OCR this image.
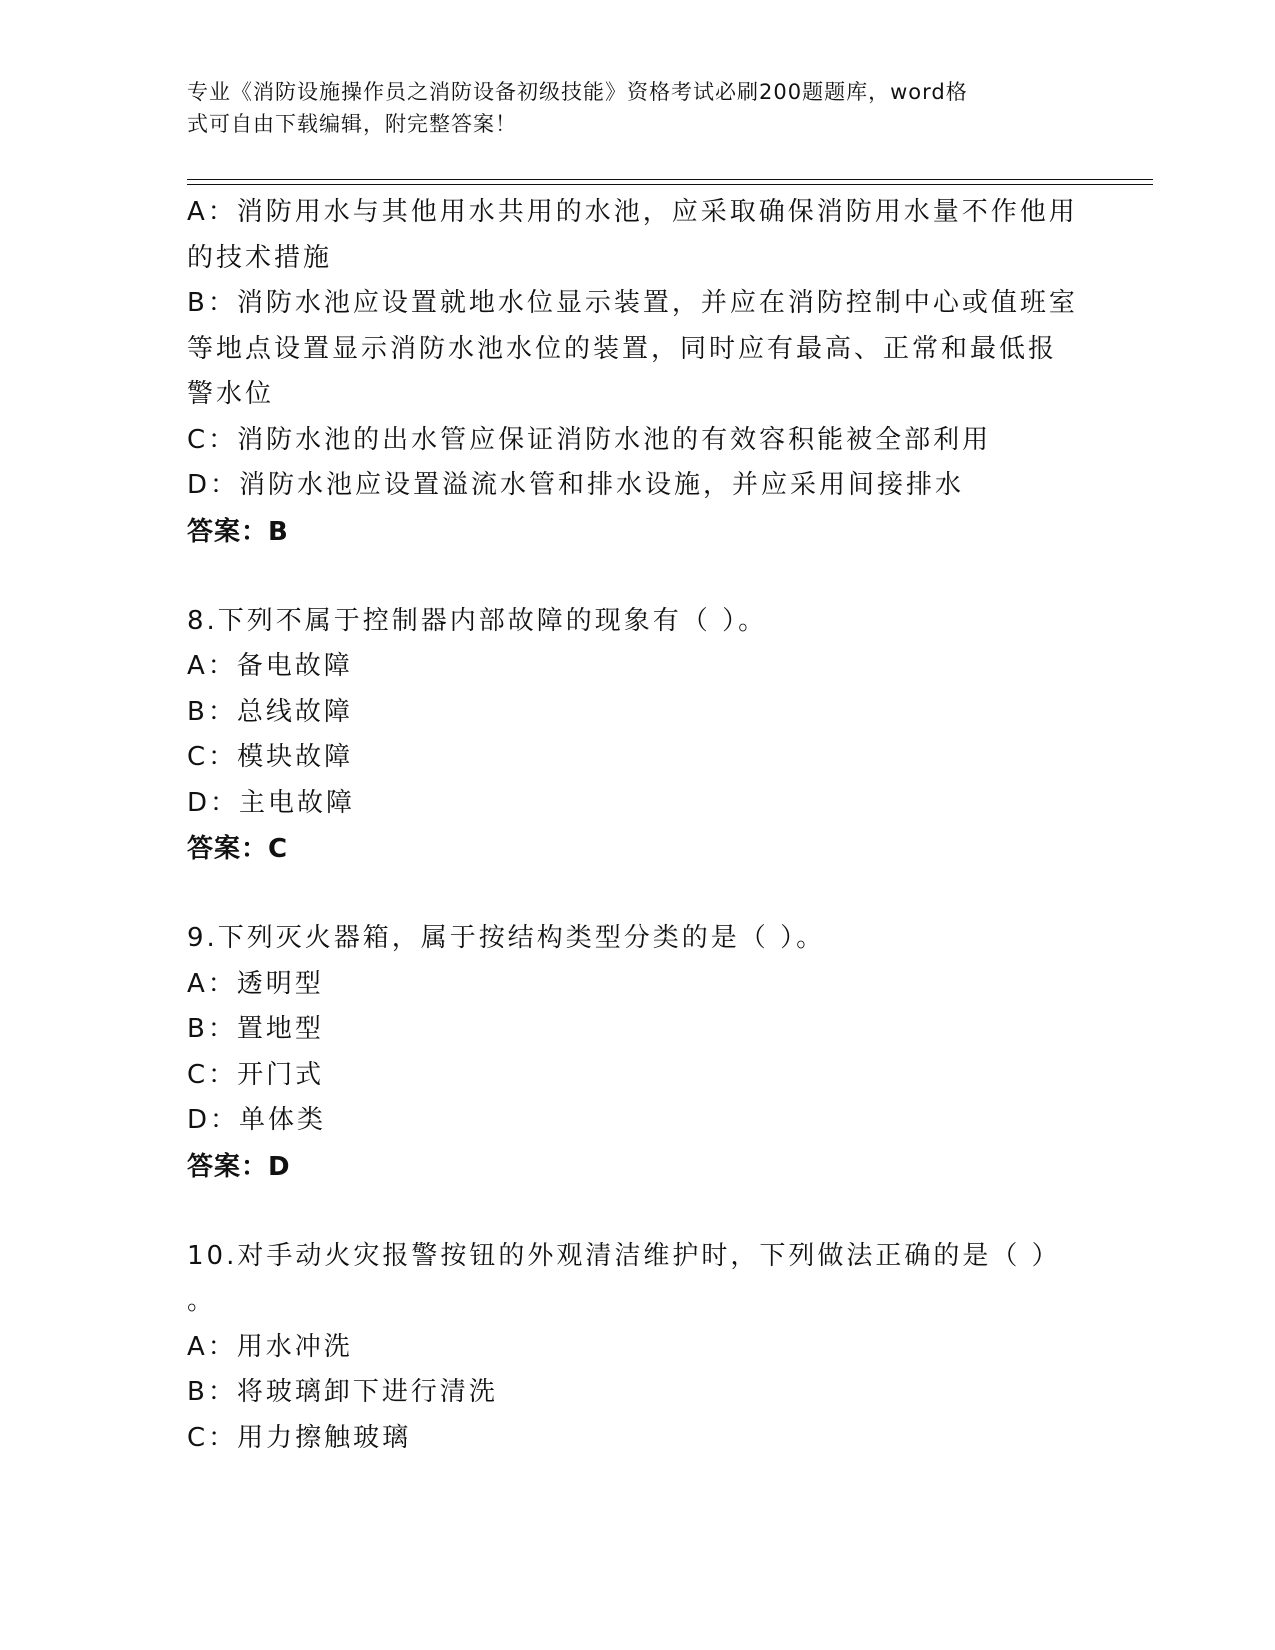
专业《消防设施操作员之消防设备初级技能》资格考试必刷200题题库，word格
式可自由下载编辑，附完整答案！
A：消防用水与其他用水共用的水池，应采取确保消防用水量不作他用
的技术措施
B：消防水池应设置就地水位显示装置，并应在消防控制中心或值班室
等地点设置显示消防水池水位的装置，同时应有最高、正常和最低报
警水位
C：消防水池的出水管应保证消防水池的有效容积能被全部利用
D：消防水池应设置溢流水管和排水设施，并应采用间接排水
答案：B
8.下列不属于控制器内部故障的现象有（ ）。
A：备电故障
B：总线故障
C：模块故障
D：主电故障
答案：C
9.下列灭火器箱，属于按结构类型分类的是（ ）。
A：透明型
B：置地型
C：开门式
D：单体类
答案：D
10.对手动火灾报警按钮的外观清洁维护时，下列做法正确的是（ ）
。
A：用水冲洗
B：将玻璃卸下进行清洗
C：用力擦触玻璃
